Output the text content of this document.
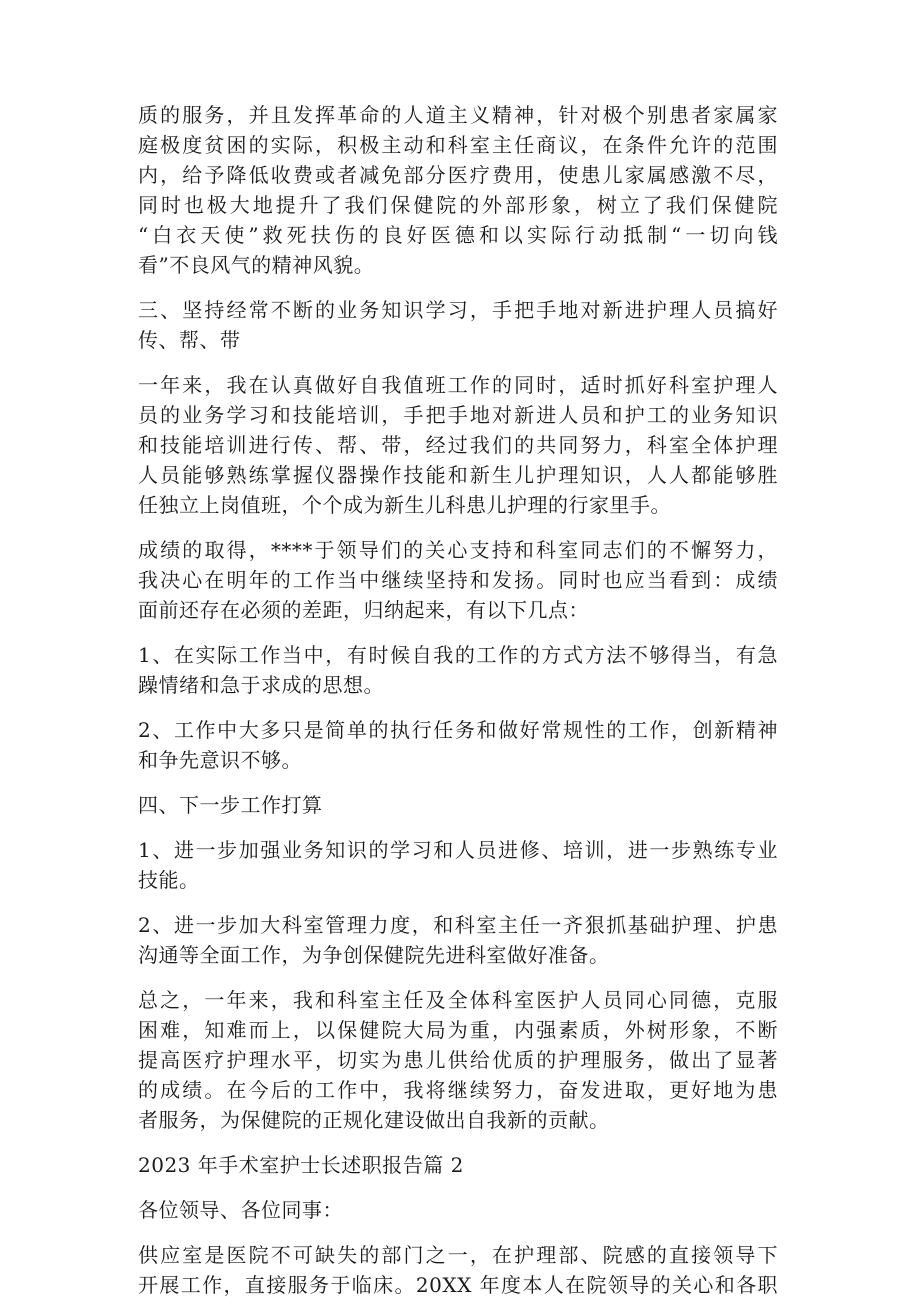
质的服务，并且发挥革命的人道主义精神，针对极个别患者家属家
庭极度贫困的实际，积极主动和科室主任商议，在条件允许的范围
内，给予降低收费或者减免部分医疗费用，使患儿家属感激不尽，
同时也极大地提升了我们保健院的外部形象，树立了我们保健院
“白衣天使”救死扶伤的良好医德和以实际行动抵制“一切向钱
看”不良风气的精神风貌。

三、坚持经常不断的业务知识学习，手把手地对新进护理人员搞好
传、帮、带

一年来，我在认真做好自我值班工作的同时，适时抓好科室护理人
员的业务学习和技能培训，手把手地对新进人员和护工的业务知识
和技能培训进行传、帮、带，经过我们的共同努力，科室全体护理
人员能够熟练掌握仪器操作技能和新生儿护理知识，人人都能够胜
任独立上岗值班，个个成为新生儿科患儿护理的行家里手。

成绩的取得，****于领导们的关心支持和科室同志们的不懈努力，
我决心在明年的工作当中继续坚持和发扬。同时也应当看到：成绩
面前还存在必须的差距，归纳起来，有以下几点：

1、在实际工作当中，有时候自我的工作的方式方法不够得当，有急
躁情绪和急于求成的思想。

2、工作中大多只是简单的执行任务和做好常规性的工作，创新精神
和争先意识不够。

四、下一步工作打算

1、进一步加强业务知识的学习和人员进修、培训，进一步熟练专业
技能。

2、进一步加大科室管理力度，和科室主任一齐狠抓基础护理、护患
沟通等全面工作，为争创保健院先进科室做好准备。

总之，一年来，我和科室主任及全体科室医护人员同心同德，克服
困难，知难而上，以保健院大局为重，内强素质，外树形象，不断
提高医疗护理水平，切实为患儿供给优质的护理服务，做出了显著
的成绩。在今后的工作中，我将继续努力，奋发进取，更好地为患
者服务，为保健院的正规化建设做出自我新的贡献。

2023 年手术室护士长述职报告篇 2

各位领导、各位同事：

供应室是医院不可缺失的部门之一，在护理部、院感的直接领导下
开展工作，直接服务于临床。20XX 年度本人在院领导的关心和各职
